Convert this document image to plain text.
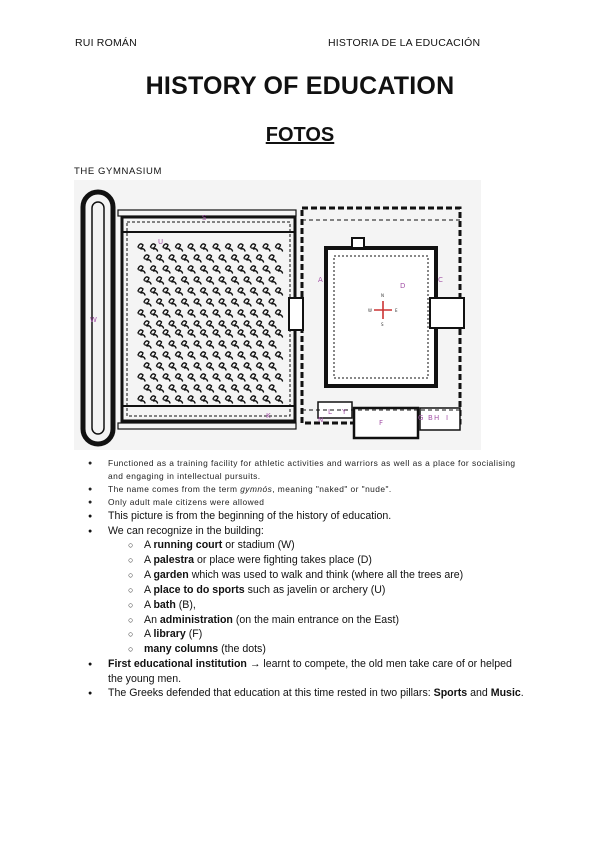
RUI ROMÁN	HISTORIA DE LA EDUCACIÓN
HISTORY OF EDUCATION
FOTOS
THE GYMNASIUM
W
S
U
D
A	C
B
F
G H I
K	L
N
Y
N
S
E
W
● Functioned as a training facility for athletic activities and warriors as well as a place for socialising and engaging in intellectual pursuits.
● The name comes from the term gymnós, meaning "naked" or "nude".
● Only adult male citizens were allowed
● This picture is from the beginning of the history of education.
● We can recognize in the building:
○ A running court or stadium (W)
○ A palestra or place were fighting takes place (D)
○ A garden which was used to walk and think (where all the trees are)
○ A place to do sports such as javelin or archery (U)
○ A bath (B),
○ An administration (on the main entrance on the East)
○ A library (F)
○ many columns (the dots)
● First educational institution → learnt to compete, the old men take care of or helped the young men.
● The Greeks defended that education at this time rested in two pillars: Sports and Music.
